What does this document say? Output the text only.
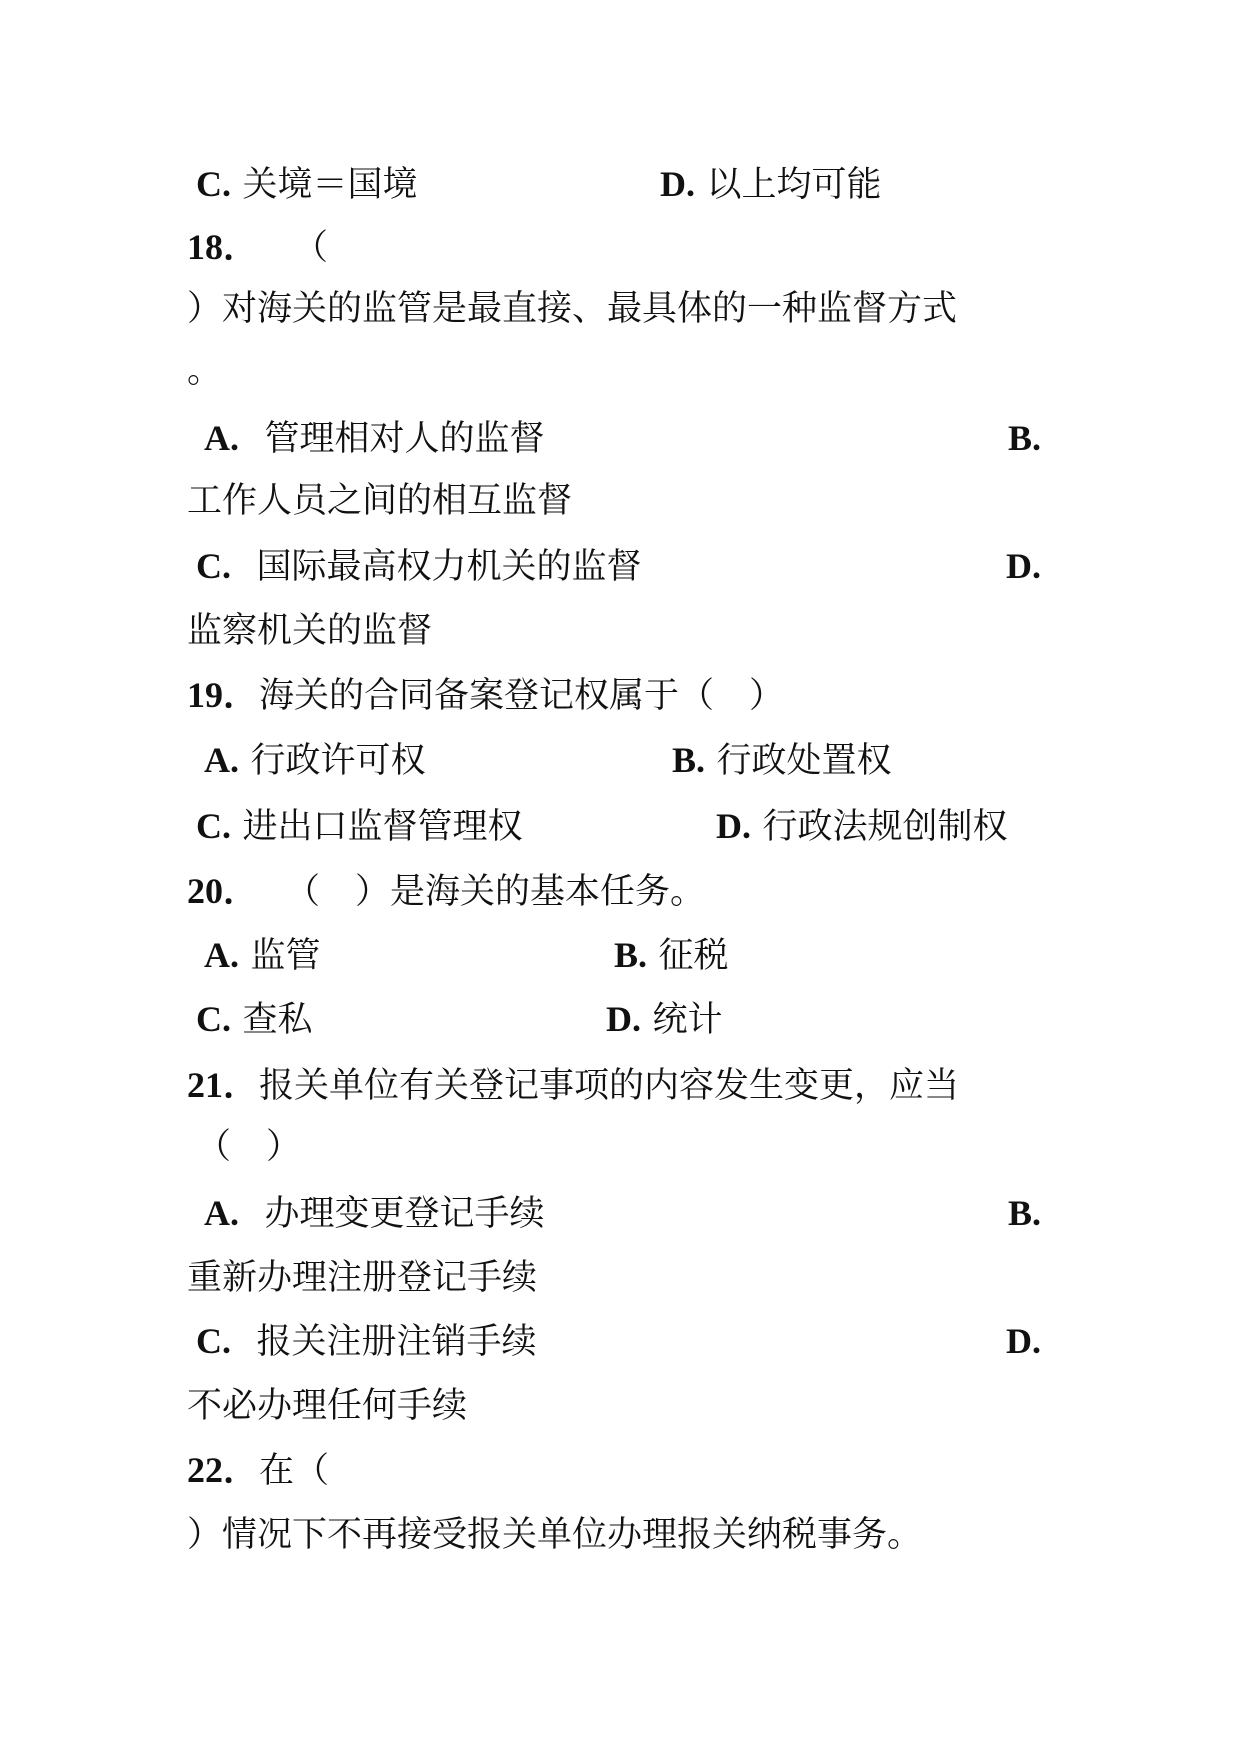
C. 关境＝国境	D. 以上均可能
18． （
）对海关的监管是最直接、最具体的一种监督方式
。
A. 管理相对人的监督	B.
工作人员之间的相互监督
C. 国际最高权力机关的监督	D.
监察机关的监督
19．海关的合同备案登记权属于（　）
A. 行政许可权	B. 行政处置权
C. 进出口监督管理权	D. 行政法规创制权
20． （　）是海关的基本任务。
A. 监管	B. 征税
C. 查私	D. 统计
21．报关单位有关登记事项的内容发生变更，应当
（　）
A. 办理变更登记手续	B.
重新办理注册登记手续
C. 报关注册注销手续	D.
不必办理任何手续
22．在（
）情况下不再接受报关单位办理报关纳税事务。
